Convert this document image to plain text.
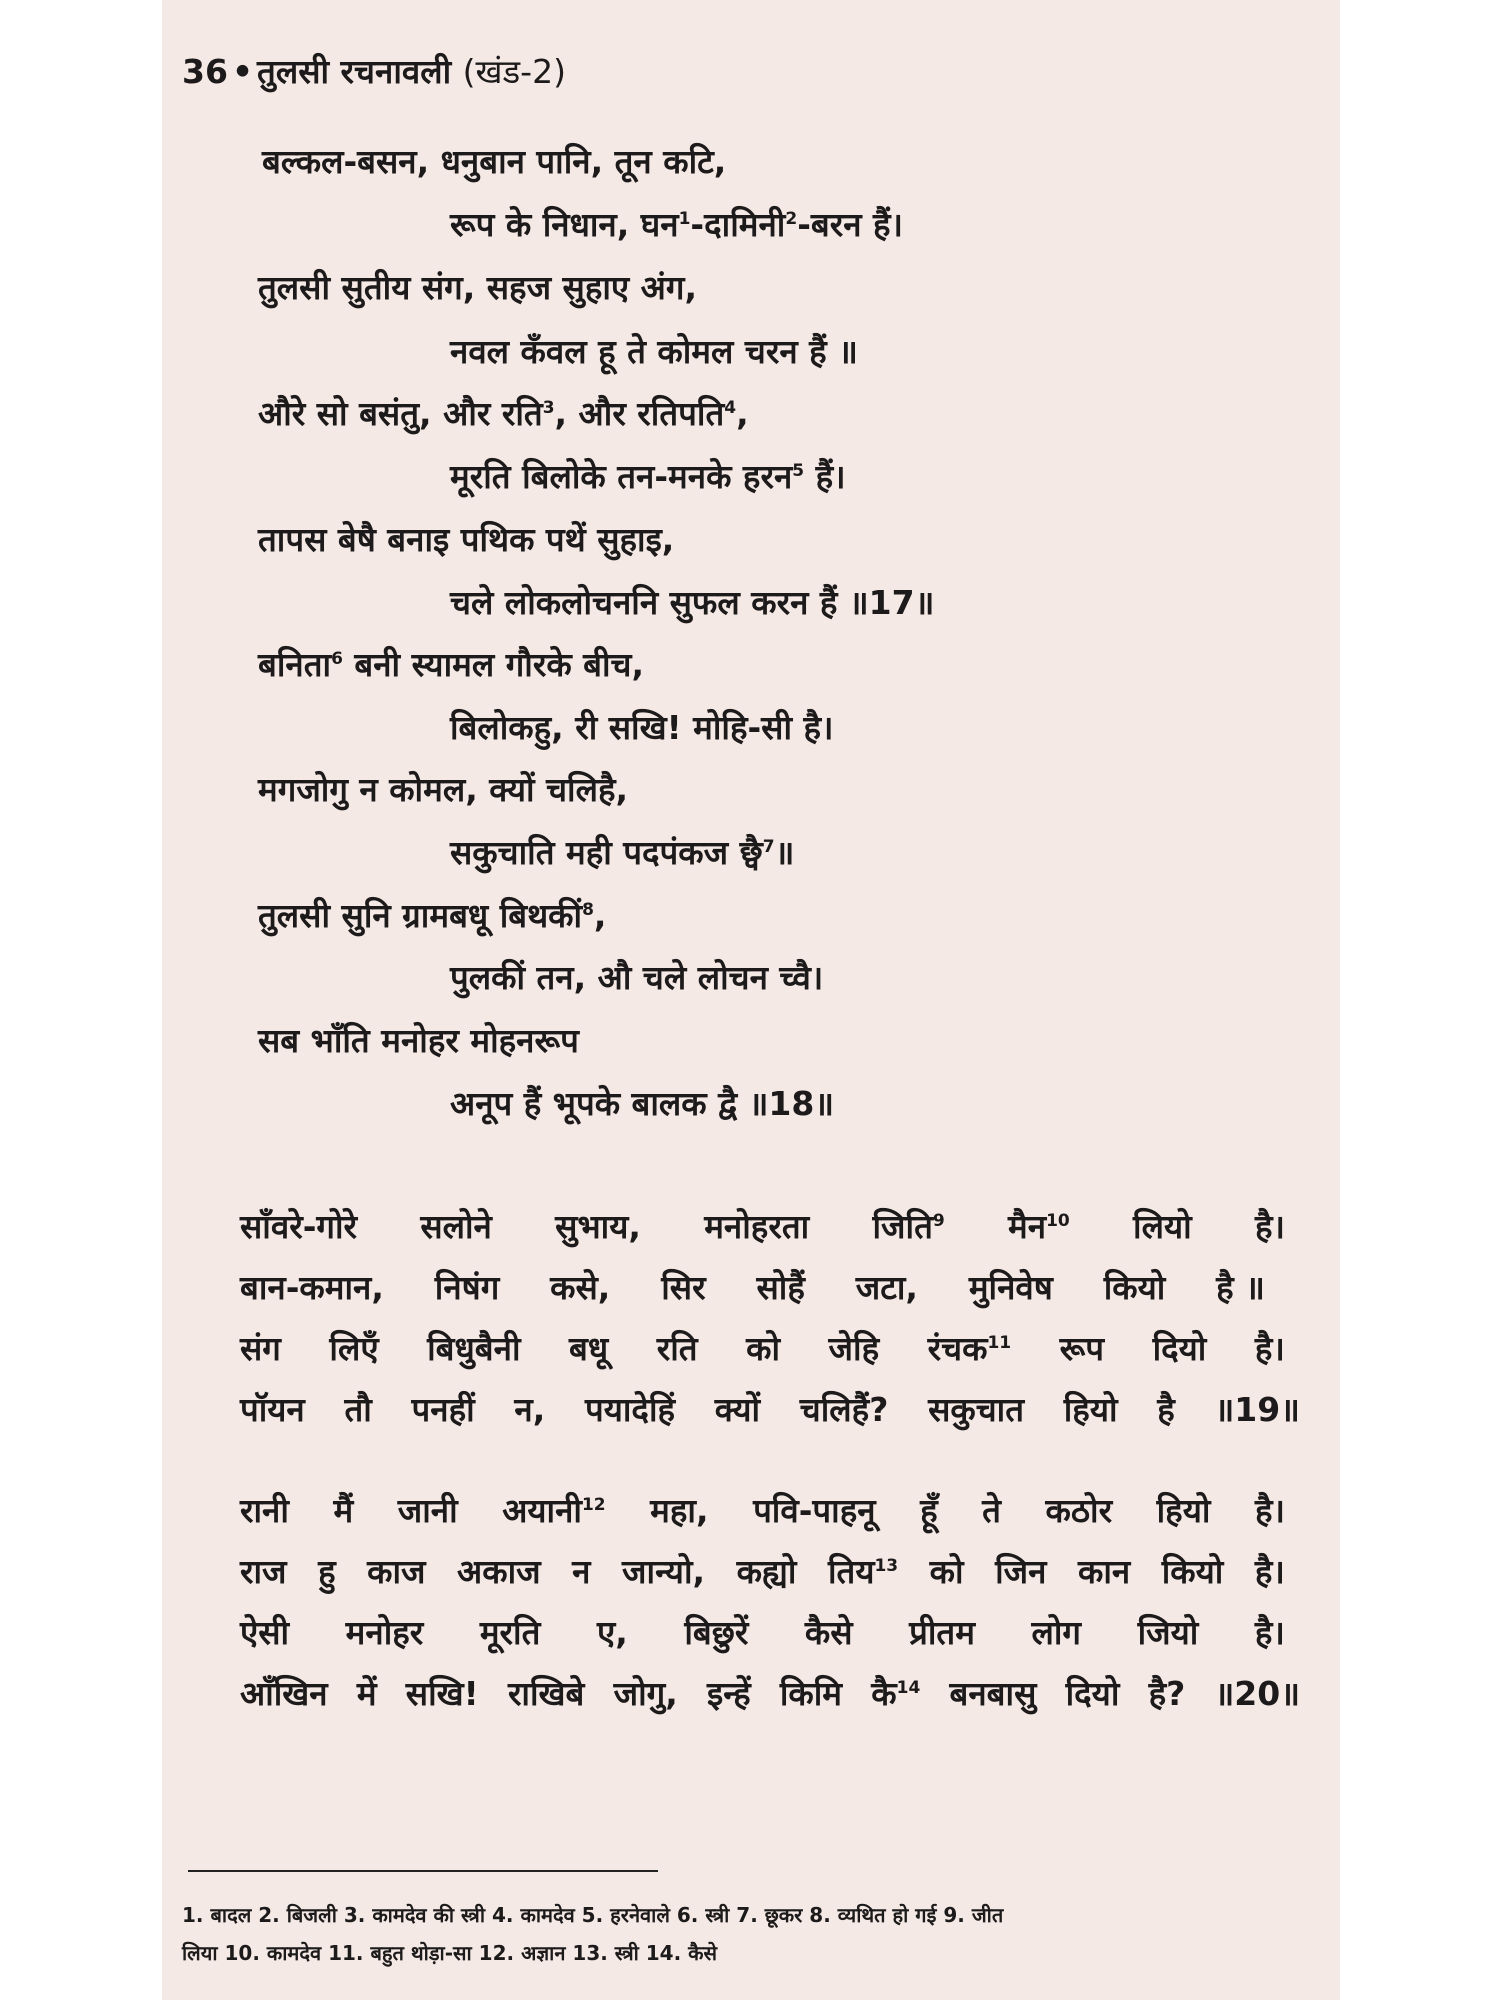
36 • तुलसी रचनावली (खंड-2)
बल्कल-बसन, धनुबान पानि, तून कटि,
रूप के निधान, घन$^1$-दामिनी$^2$-बरन हैं।
तुलसी सुतीय संग, सहज सुहाए अंग,
नवल कँवल हू ते कोमल चरन हैं ॥
औरे सो बसंतु, और रति$^3$, और रतिपति$^4$,
मूरति बिलोके तन-मनके हरन$^5$ हैं।
तापस बेषै बनाइ पथिक पथें सुहाइ,
चले लोकलोचननि सुफल करन हैं ॥17॥
बनिता$^6$ बनी स्यामल गौरके बीच,
बिलोकहु, री सखि! मोहि-सी है।
मगजोगु न कोमल, क्यों चलिहै,
सकुचाति मही पदपंकज छ्वै$^7$॥
तुलसी सुनि ग्रामबधू बिथकीं$^8$,
पुलकीं तन, औ चले लोचन च्वै।
सब भाँति मनोहर मोहनरूप
अनूप हैं भूपके बालक द्वै ॥18॥
साँवरे-गोरे सलोने सुभाय, मनोहरता जिति$^9$ मैन$^{10}$ लियो है।
बान-कमान, निषंग कसे, सिर सोहैं जटा, मुनिवेष कियो है ॥
संग लिएँ बिधुबैनी बधू रति को जेहि रंचक$^{11}$ रूप दियो है।
पॉयन तौ पनहीं न, पयादेहिं क्यों चलिहैं? सकुचात हियो है ॥19॥
रानी मैं जानी अयानी$^{12}$ महा, पवि-पाहनू हूँ ते कठोर हियो है।
राज हु काज अकाज न जान्यो, कह्यो तिय$^{13}$ को जिन कान कियो है।
ऐसी मनोहर मूरति ए, बिछुरें कैसे प्रीतम लोग जियो है।
आँखिन में सखि! राखिबे जोगु, इन्हें किमि कै$^{14}$ बनबासु दियो है? ॥20॥
1. बादल 2. बिजली 3. कामदेव की स्त्री 4. कामदेव 5. हरनेवाले 6. स्त्री 7. छूकर 8. व्यथित हो गई 9. जीत
लिया 10. कामदेव 11. बहुत थोड़ा-सा 12. अज्ञान 13. स्त्री 14. कैसे
